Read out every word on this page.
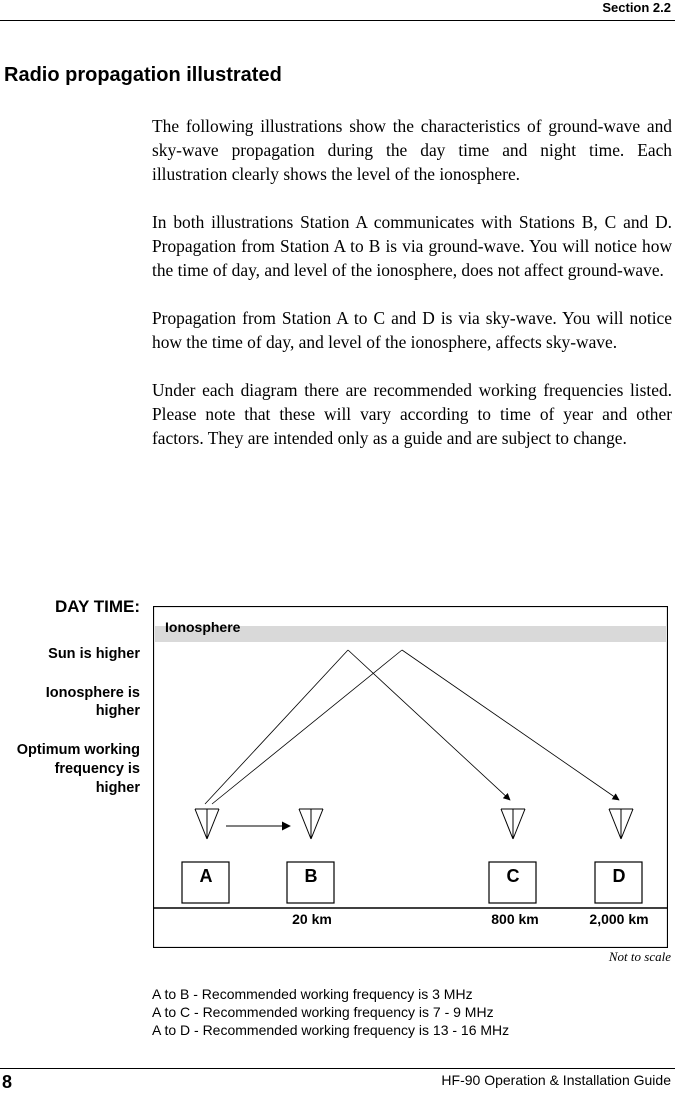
Section 2.2
Radio propagation illustrated

The following illustrations show the characteristics of ground-wave and sky-wave propagation during the day time and night time. Each illustration clearly shows the level of the ionosphere.

In both illustrations Station A communicates with Stations B, C and D. Propagation from Station A to B is via ground-wave. You will notice how the time of day, and level of the ionosphere, does not affect ground-wave.

Propagation from Station A to C and D is via sky-wave. You will notice how the time of day, and level of the ionosphere, affects sky-wave.

Under each diagram there are recommended working frequencies listed. Please note that these will vary according to time of year and other factors. They are intended only as a guide and are subject to change.

DAY TIME:
Sun is higher
Ionosphere is
higher
Optimum working
frequency is
higher
Ionosphere
A	B	C	D
20 km	800 km	2,000 km
Not to scale
A to B - Recommended working frequency is 3 MHz
A to C - Recommended working frequency is 7 - 9 MHz
A to D - Recommended working frequency is 13 - 16 MHz
8	HF-90 Operation & Installation Guide
